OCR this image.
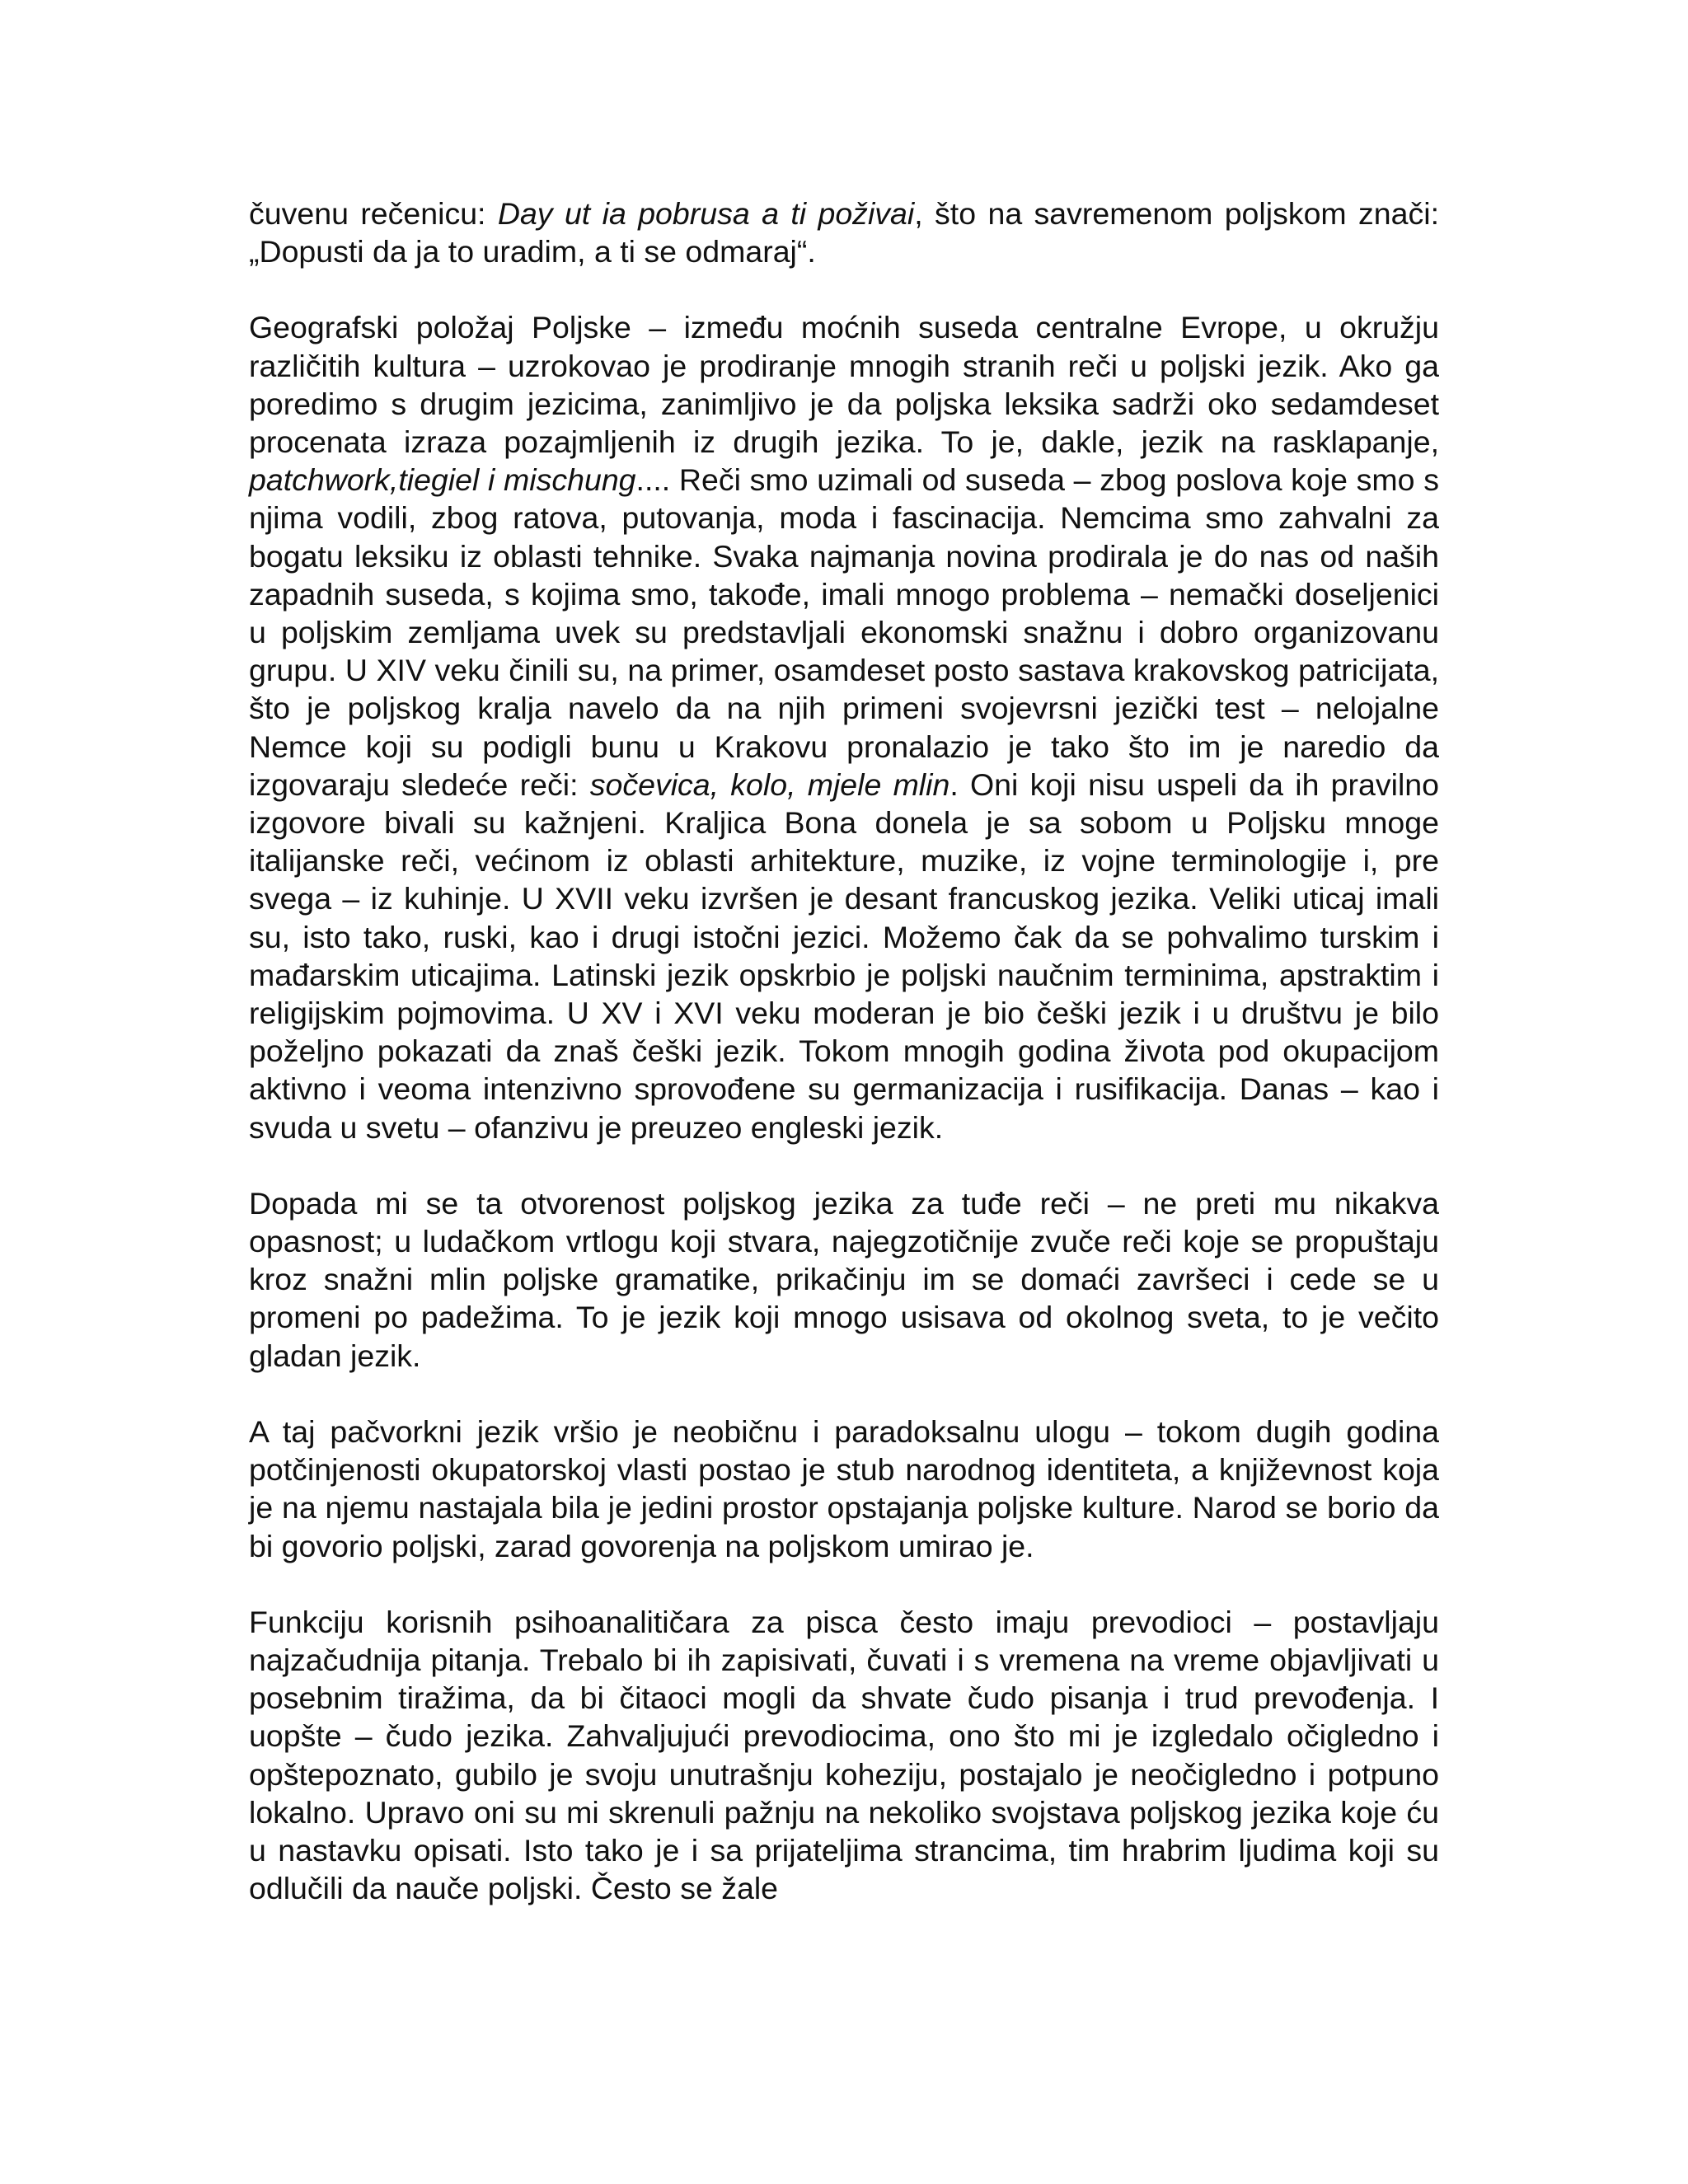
čuvenu rečenicu: Day ut ia pobrusa a ti poživai, što na savremenom poljskom znači: „Dopusti da ja to uradim, a ti se odmaraj“.

Geografski položaj Poljske – između moćnih suseda centralne Evrope, u okružju različitih kultura – uzrokovao je prodiranje mnogih stranih reči u poljski jezik. Ako ga poredimo s drugim jezicima, zanimljivo je da poljska leksika sadrži oko sedamdeset procenata izraza pozajmljenih iz drugih jezika. To je, dakle, jezik na rasklapanje, patchwork,tiegiel i mischung.... Reči smo uzimali od suseda – zbog poslova koje smo s njima vodili, zbog ratova, putovanja, moda i fascinacija. Nemcima smo zahvalni za bogatu leksiku iz oblasti tehnike. Svaka najmanja novina prodirala je do nas od naših zapadnih suseda, s kojima smo, takođe, imali mnogo problema – nemački doseljenici u poljskim zemljama uvek su predstavljali ekonomski snažnu i dobro organizovanu grupu. U XIV veku činili su, na primer, osamdeset posto sastava krakovskog patricijata, što je poljskog kralja navelo da na njih primeni svojevrsni jezički test – nelojalne Nemce koji su podigli bunu u Krakovu pronalazio je tako što im je naredio da izgovaraju sledeće reči: sočevica, kolo, mjele mlin. Oni koji nisu uspeli da ih pravilno izgovore bivali su kažnjeni. Kraljica Bona donela je sa sobom u Poljsku mnoge italijanske reči, većinom iz oblasti arhitekture, muzike, iz vojne terminologije i, pre svega – iz kuhinje. U XVII veku izvršen je desant francuskog jezika. Veliki uticaj imali su, isto tako, ruski, kao i drugi istočni jezici. Možemo čak da se pohvalimo turskim i mađarskim uticajima. Latinski jezik opskrbio je poljski naučnim terminima, apstraktim i religijskim pojmovima. U XV i XVI veku moderan je bio češki jezik i u društvu je bilo poželjno pokazati da znaš češki jezik. Tokom mnogih godina života pod okupacijom aktivno i veoma intenzivno sprovođene su germanizacija i rusifikacija. Danas – kao i svuda u svetu – ofanzivu je preuzeo engleski jezik.

Dopada mi se ta otvorenost poljskog jezika za tuđe reči – ne preti mu nikakva opasnost; u ludačkom vrtlogu koji stvara, najegzotičnije zvuče reči koje se propuštaju kroz snažni mlin poljske gramatike, prikačinju im se domaći završeci i cede se u promeni po padežima. To je jezik koji mnogo usisava od okolnog sveta, to je večito gladan jezik.

A taj pačvorkni jezik vršio je neobičnu i paradoksalnu ulogu – tokom dugih godina potčinjenosti okupatorskoj vlasti postao je stub narodnog identiteta, a književnost koja je na njemu nastajala bila je jedini prostor opstajanja poljske kulture. Narod se borio da bi govorio poljski, zarad govorenja na poljskom umirao je.

Funkciju korisnih psihoanalitičara za pisca često imaju prevodioci – postavljaju najzačudnija pitanja. Trebalo bi ih zapisivati, čuvati i s vremena na vreme objavljivati u posebnim tiražima, da bi čitaoci mogli da shvate čudo pisanja i trud prevođenja. I uopšte – čudo jezika. Zahvaljujući prevodiocima, ono što mi je izgledalo očigledno i opštepoznato, gubilo je svoju unutrašnju koheziju, postajalo je neočigledno i potpuno lokalno. Upravo oni su mi skrenuli pažnju na nekoliko svojstava poljskog jezika koje ću u nastavku opisati. Isto tako je i sa prijateljima strancima, tim hrabrim ljudima koji su odlučili da nauče poljski. Često se žale
